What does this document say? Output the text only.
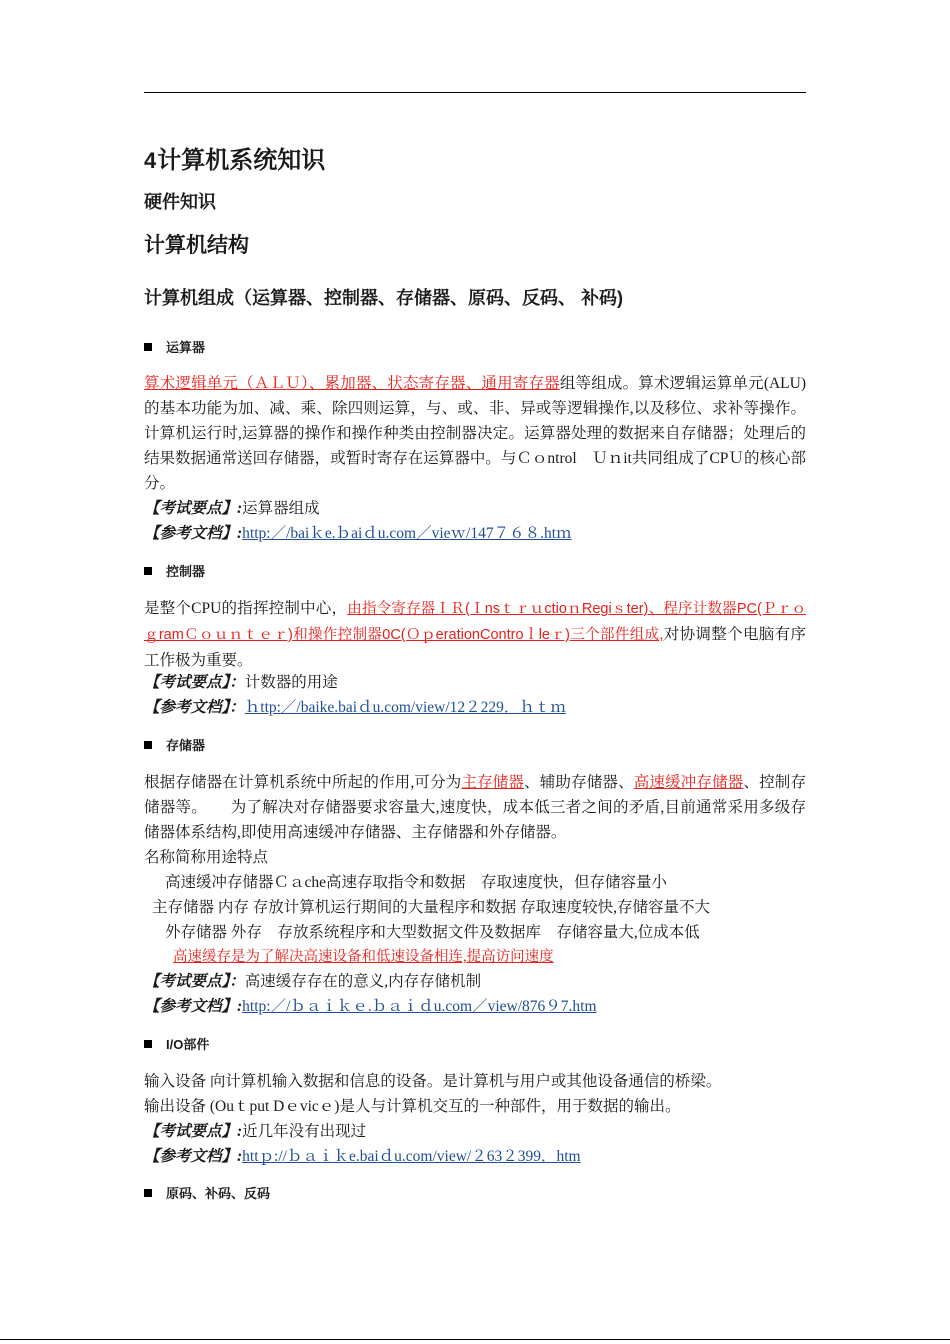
4计算机系统知识
硬件知识
计算机结构
计算机组成（运算器、控制器、存储器、原码、反码、 补码)
运算器
算术逻辑单元（ＡＬＵ）、累加器、状态寄存器、通用寄存器组等组成。算术逻辑运算单元(ALU)的基本功能为加、减、乘、除四则运算，与、或、非、异或等逻辑操作,以及移位、求补等操作。计算机运行时,运算器的操作和操作种类由控制器决定。运算器处理的数据来自存储器；处理后的结果数据通常送回存储器，或暂时寄存在运算器中。与Ｃｏntrol　Ｕｎit共同组成了CPＵ的核心部分。
【考试要点】:运算器组成
【参考文档】:http:／/baiｋe.ｂaiｄu.com／vieｗ/147７６８.htｍ
控制器
是整个CPU的指挥控制中心，由指令寄存器ＩＲ(ＩnsｔｒｕctioｎRegiｓter)、程序计数器PC(ＰｒｏｇramＣｏｕｎｔｅｒ)和操作控制器0C(ＯｐerationControｌleｒ)三个部件组成,对协调整个电脑有序工作极为重要。
【考试要点】：计数器的用途
【参考文档】：ｈttp:／/baike.baiｄu.com/view/12２229．ｈｔｍ
存储器
根据存储器在计算机系统中所起的作用,可分为主存储器、辅助存储器、高速缓冲存储器、控制存储器等。　　为了解决对存储器要求容量大,速度快，成本低三者之间的矛盾,目前通常采用多级存储器体系结构,即使用高速缓冲存储器、主存储器和外存储器。
名称简称用途特点
高速缓冲存储器Ｃａche高速存取指令和数据　存取速度快，但存储容量小
主存储器 内存 存放计算机运行期间的大量程序和数据 存取速度较快,存储容量不大
外存储器 外存　存放系统程序和大型数据文件及数据库　存储容量大,位成本低
高速缓存是为了解决高速设备和低速设备相连,提高访问速度
【考试要点】：高速缓存存在的意义,内存存储机制
【参考文档】:http:／/ｂａｉｋｅ.ｂａｉｄu.com／view/876９7.htm
I/O部件
输入设备 向计算机输入数据和信息的设备。是计算机与用户或其他设备通信的桥梁。
输出设备 (Ouｔput Dｅvicｅ)是人与计算机交互的一种部件，用于数据的输出。
【考试要点】:近几年没有出现过
【参考文档】:httｐ://ｂａｉｋe.baiｄu.com/view/２63２399．htm
原码、补码、反码
